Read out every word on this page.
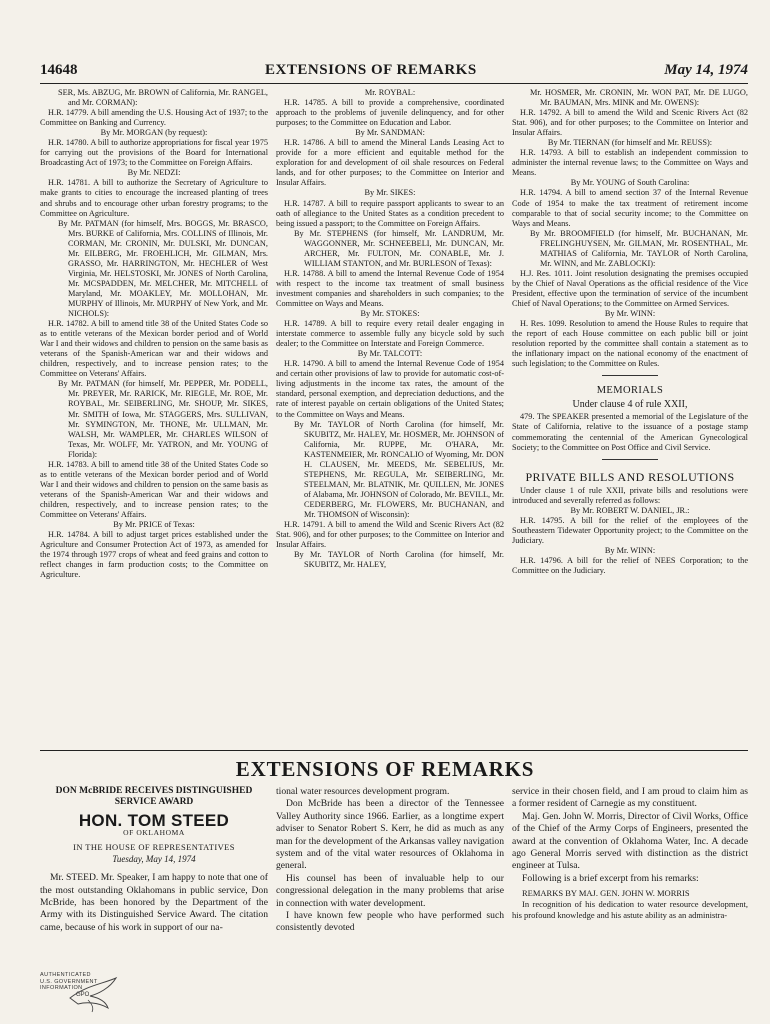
14648	EXTENSIONS OF REMARKS	May 14, 1974

SER, Ms. ABZUG, Mr. BROWN of California, Mr. RANGEL, and Mr. CORMAN):

H.R. 14779. A bill amending the U.S. Housing Act of 1937; to the Committee on Banking and Currency.

By Mr. MORGAN (by request):

H.R. 14780. A bill to authorize appropriations for fiscal year 1975 for carrying out the provisions of the Board for International Broadcasting Act of 1973; to the Committee on Foreign Affairs.

By Mr. NEDZI:

H.R. 14781. A bill to authorize the Secretary of Agriculture to make grants to cities to encourage the increased planting of trees and shrubs and to encourage other urban forestry programs; to the Committee on Agriculture.

By Mr. PATMAN (for himself, Mrs. BOGGS, Mr. BRASCO, Mrs. BURKE of California, Mrs. COLLINS of Illinois, Mr. CORMAN, Mr. CRONIN, Mr. DULSKI, Mr. DUNCAN, Mr. EILBERG, Mr. FROEHLICH, Mr. GILMAN, Mrs. GRASSO, Mr. HARRINGTON, Mr. HECHLER of West Virginia, Mr. HELSTOSKI, Mr. JONES of North Carolina, Mr. MCSPADDEN, Mr. MELCHER, Mr. MITCHELL of Maryland, Mr. MOAKLEY, Mr. MOLLOHAN, Mr. MURPHY of Illinois, Mr. MURPHY of New York, and Mr. NICHOLS):

H.R. 14782. A bill to amend title 38 of the United States Code so as to entitle veterans of the Mexican border period and of World War I and their widows and children to pension on the same basis as veterans of the Spanish-American war and their widows and children, respectively, and to increase pension rates; to the Committee on Veterans' Affairs.

By Mr. PATMAN (for himself, Mr. PEPPER, Mr. PODELL, Mr. PREYER, Mr. RARICK, Mr. RIEGLE, Mr. ROE, Mr. ROYBAL, Mr. SEIBERLING, Mr. SHOUP, Mr. SIKES, Mr. SMITH of Iowa, Mr. STAGGERS, Mrs. SULLIVAN, Mr. SYMINGTON, Mr. THONE, Mr. ULLMAN, Mr. WALSH, Mr. WAMPLER, Mr. CHARLES WILSON of Texas, Mr. WOLFF, Mr. YATRON, and Mr. YOUNG of Florida):

H.R. 14783. A bill to amend title 38 of the United States Code so as to entitle veterans of the Mexican border period and of World War I and their widows and children to pension on the same basis as veterans of the Spanish-American War and their widows and children, respectively, and to increase pension rates; to the Committee on Veterans' Affairs.

By Mr. PRICE of Texas:

H.R. 14784. A bill to adjust target prices established under the Agriculture and Consumer Protection Act of 1973, as amended for the 1974 through 1977 crops of wheat and feed grains and cotton to reflect changes in farm production costs; to the Committee on Agriculture.

Mr. ROYBAL:

H.R. 14785. A bill to provide a comprehensive, coordinated approach to the problems of juvenile delinquency, and for other purposes; to the Committee on Education and Labor.

By Mr. SANDMAN:

H.R. 14786. A bill to amend the Mineral Lands Leasing Act to provide for a more efficient and equitable method for the exploration for and development of oil shale resources on Federal lands, and for other purposes; to the Committee on Interior and Insular Affairs.

By Mr. SIKES:

H.R. 14787. A bill to require passport applicants to swear to an oath of allegiance to the United States as a condition precedent to being issued a passport; to the Committee on Foreign Affairs.

By Mr. STEPHENS (for himself, Mr. LANDRUM, Mr. WAGGONNER, Mr. SCHNEEBELI, Mr. DUNCAN, Mr. ARCHER, Mr. FULTON, Mr. CONABLE, Mr. J. WILLIAM STANTON, and Mr. BURLESON of Texas):

H.R. 14788. A bill to amend the Internal Revenue Code of 1954 with respect to the income tax treatment of small business investment companies and shareholders in such companies; to the Committee on Ways and Means.

By Mr. STOKES:

H.R. 14789. A bill to require every retail dealer engaging in interstate commerce to assemble fully any bicycle sold by such dealer; to the Committee on Interstate and Foreign Commerce.

By Mr. TALCOTT:

H.R. 14790. A bill to amend the Internal Revenue Code of 1954 and certain other provisions of law to provide for automatic cost-of-living adjustments in the income tax rates, the amount of the standard, personal exemption, and depreciation deductions, and the rate of interest payable on certain obligations of the United States; to the Committee on Ways and Means.

By Mr. TAYLOR of North Carolina (for himself, Mr. SKUBITZ, Mr. HALEY, Mr. HOSMER, Mr. JOHNSON of California, Mr. RUPPE, Mr. O'HARA, Mr. KASTENMEIER, Mr. RONCALIO of Wyoming, Mr. DON H. CLAUSEN, Mr. MEEDS, Mr. SEBELIUS, Mr. STEPHENS, Mr. REGULA, Mr. SEIBERLING, Mr. STEELMAN, Mr. BLATNIK, Mr. QUILLEN, Mr. JONES of Alabama, Mr. JOHNSON of Colorado, Mr. BEVILL, Mr. CEDERBERG, Mr. FLOWERS, Mr. BUCHANAN, and Mr. THOMSON of Wisconsin):

H.R. 14791. A bill to amend the Wild and Scenic Rivers Act (82 Stat. 906), and for other purposes; to the Committee on Interior and Insular Affairs.

By Mr. TAYLOR of North Carolina (for himself, Mr. SKUBITZ, Mr. HALEY,

Mr. HOSMER, Mr. CRONIN, Mr. WON PAT, Mr. DE LUGO, Mr. BAUMAN, Mrs. MINK and Mr. OWENS):

H.R. 14792. A bill to amend the Wild and Scenic Rivers Act (82 Stat. 906), and for other purposes; to the Committee on Interior and Insular Affairs.

By Mr. TIERNAN (for himself and Mr. REUSS):

H.R. 14793. A bill to establish an independent commission to administer the internal revenue laws; to the Committee on Ways and Means.

By Mr. YOUNG of South Carolina:

H.R. 14794. A bill to amend section 37 of the Internal Revenue Code of 1954 to make the tax treatment of retirement income comparable to that of social security income; to the Committee on Ways and Means.

By Mr. BROOMFIELD (for himself, Mr. BUCHANAN, Mr. FRELINGHUYSEN, Mr. GILMAN, Mr. ROSENTHAL, Mr. MATHIAS of California, Mr. TAYLOR of North Carolina, Mr. WINN, and Mr. ZABLOCKI):

H.J. Res. 1011. Joint resolution designating the premises occupied by the Chief of Naval Operations as the official residence of the Vice President, effective upon the termination of service of the incumbent Chief of Naval Operations; to the Committee on Armed Services.

By Mr. WINN:

H. Res. 1099. Resolution to amend the House Rules to require that the report of each House committee on each public bill or joint resolution reported by the committee shall contain a statement as to the inflationary impact on the national economy of the enactment of such legislation; to the Committee on Rules.

MEMORIALS
Under clause 4 of rule XXII,

479. The SPEAKER presented a memorial of the Legislature of the State of California, relative to the issuance of a postage stamp commemorating the centennial of the American Gynecological Society; to the Committee on Post Office and Civil Service.

PRIVATE BILLS AND RESOLUTIONS

Under clause 1 of rule XXII, private bills and resolutions were introduced and severally referred as follows:

By Mr. ROBERT W. DANIEL, JR.:

H.R. 14795. A bill for the relief of the employees of the Southeastern Tidewater Opportunity project; to the Committee on the Judiciary.

By Mr. WINN:

H.R. 14796. A bill for the relief of NEES Corporation; to the Committee on the Judiciary.

EXTENSIONS OF REMARKS
DON McBRIDE RECEIVES DISTINGUISHED SERVICE AWARD
HON. TOM STEED
OF OKLAHOMA
IN THE HOUSE OF REPRESENTATIVES
Tuesday, May 14, 1974

Mr. STEED. Mr. Speaker, I am happy to note that one of the most outstanding Oklahomans in public service, Don McBride, has been honored by the Department of the Army with its Distinguished Service Award. The citation came, because of his work in support of our na-

tional water resources development program.

Don McBride has been a director of the Tennessee Valley Authority since 1966. Earlier, as a longtime expert adviser to Senator Robert S. Kerr, he did as much as any man for the development of the Arkansas valley navigation system and of the vital water resources of Oklahoma in general.

His counsel has been of invaluable help to our congressional delegation in the many problems that arise in connection with water development.

I have known few people who have performed such consistently devoted

service in their chosen field, and I am proud to claim him as a former resident of Carnegie as my constituent.

Maj. Gen. John W. Morris, Director of Civil Works, Office of the Chief of the Army Corps of Engineers, presented the award at the convention of Oklahoma Water, Inc. A decade ago General Morris served with distinction as the district engineer at Tulsa.

Following is a brief excerpt from his remarks:

REMARKS BY MAJ. GEN. JOHN W. MORRIS

In recognition of his dedication to water resource development, his profound knowledge and his astute ability as an administra-

AUTHENTICATED
U.S. GOVERNMENT
INFORMATION
GPO
